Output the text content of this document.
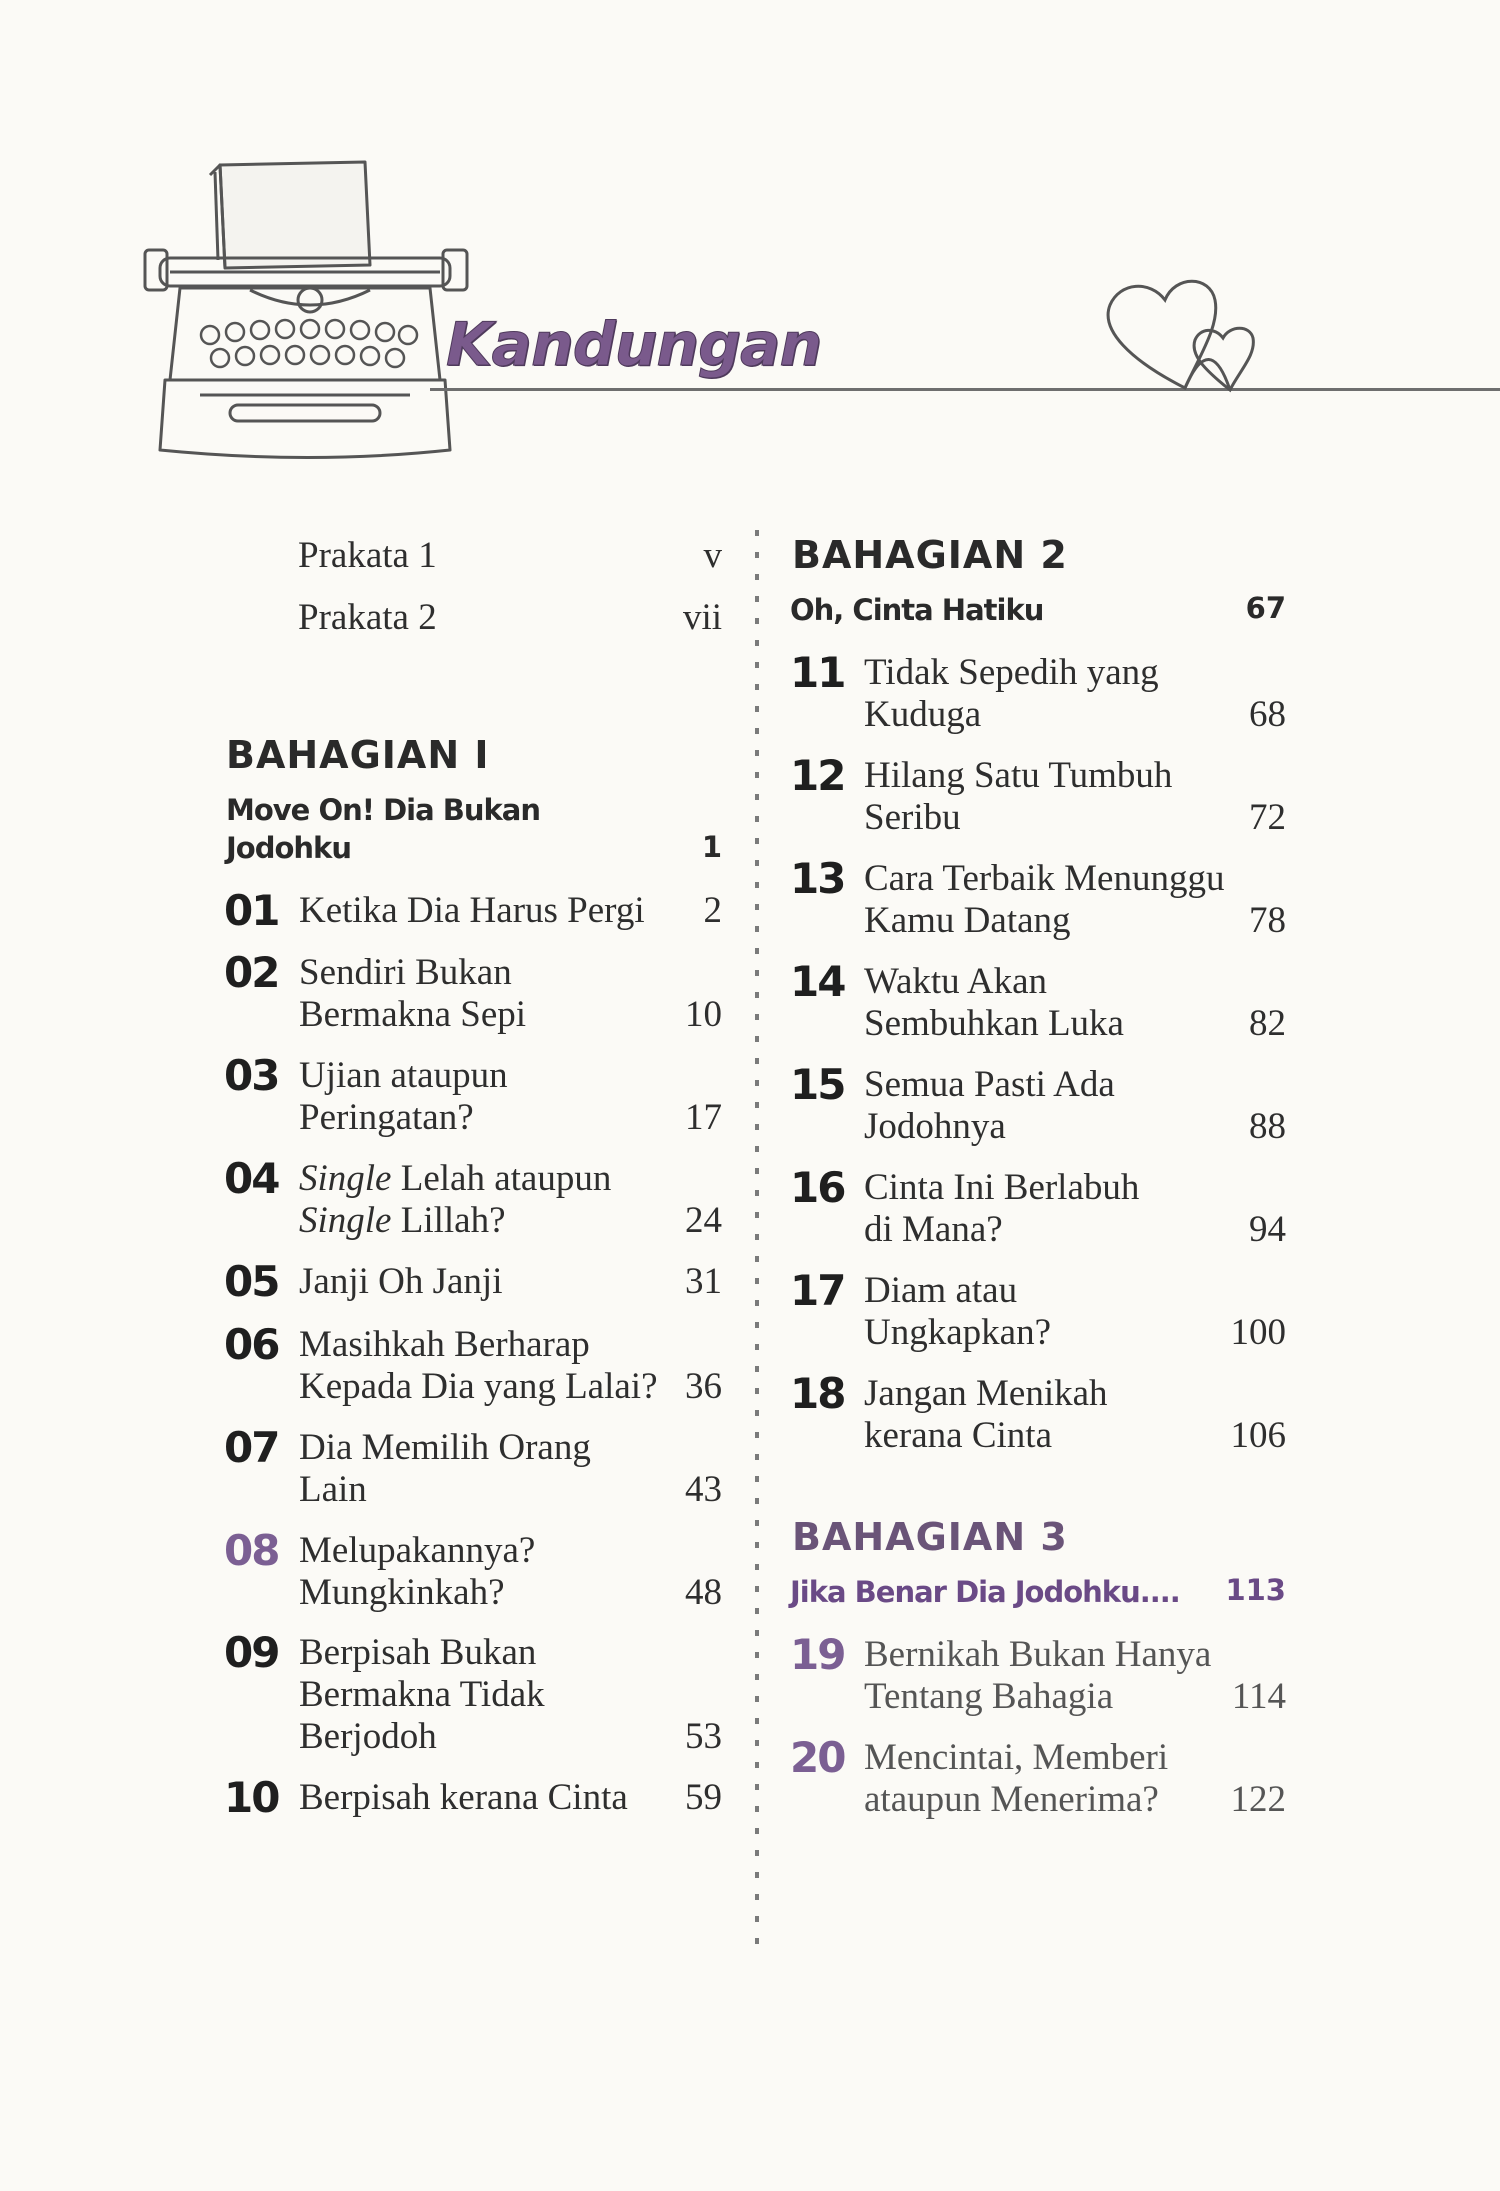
Kandungan
Prakata 1	v
Prakata 2	vii
BAHAGIAN I
Move On! Dia Bukan
Jodohku	1
01 Ketika Dia Harus Pergi	2
02 Sendiri Bukan
Bermakna Sepi	10
03 Ujian ataupun
Peringatan?	17
04 Single Lelah ataupun
Single Lillah?	24
05 Janji Oh Janji	31
06 Masihkah Berharap
Kepada Dia yang Lalai? 36
07 Dia Memilih Orang
Lain	43
08 Melupakannya?
Mungkinkah?	48
09 Berpisah Bukan
Bermakna Tidak
Berjodoh	53
10 Berpisah kerana Cinta	59
BAHAGIAN 2
Oh, Cinta Hatiku	67
11 Tidak Sepedih yang
Kuduga	68
12 Hilang Satu Tumbuh
Seribu	72
13 Cara Terbaik Menunggu
Kamu Datang	78
14 Waktu Akan
Sembuhkan Luka	82
15 Semua Pasti Ada
Jodohnya	88
16 Cinta Ini Berlabuh
di Mana?	94
17 Diam atau
Ungkapkan?	100
18 Jangan Menikah
kerana Cinta	106
BAHAGIAN 3
Jika Benar Dia Jodohku....	113
19 Bernikah Bukan Hanya
Tentang Bahagia	114
20 Mencintai, Memberi
ataupun Menerima?	122
